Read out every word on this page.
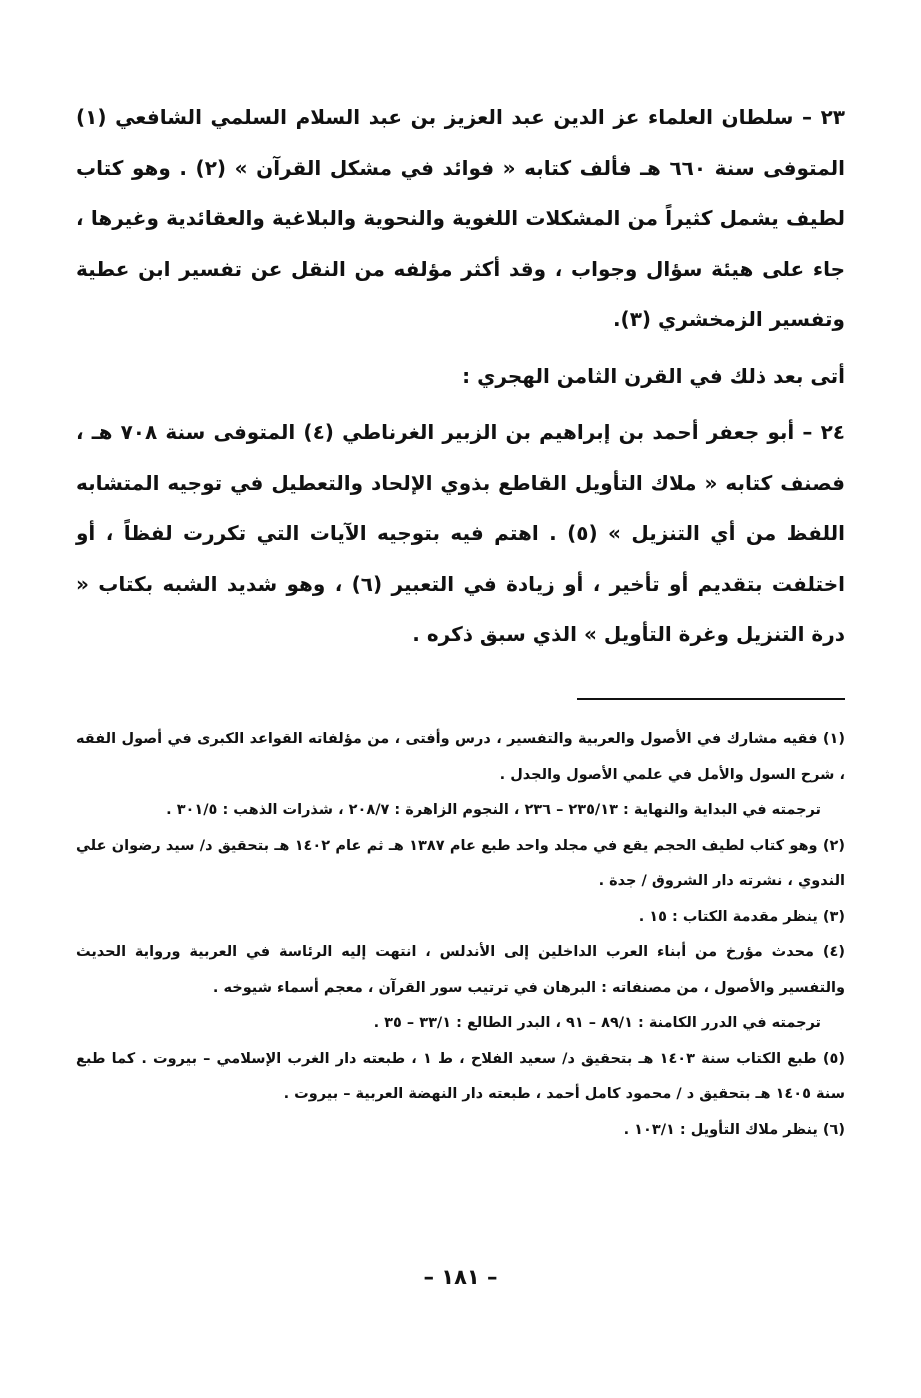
٢٣ – سلطان العلماء عز الدين عبد العزيز بن عبد السلام السلمي الشافعي (١) المتوفى سنة ٦٦٠ هـ فألف كتابه « فوائد في مشكل القرآن » (٢) . وهو كتاب لطيف يشمل كثيراً من المشكلات اللغوية والنحوية والبلاغية والعقائدية وغيرها ، جاء على هيئة سؤال وجواب ، وقد أكثر مؤلفه من النقل عن تفسير ابن عطية وتفسير الزمخشري (٣).

أتى بعد ذلك في القرن الثامن الهجري :

٢٤ – أبو جعفر أحمد بن إبراهيم بن الزبير الغرناطي (٤) المتوفى سنة ٧٠٨ هـ ، فصنف كتابه « ملاك التأويل القاطع بذوي الإلحاد والتعطيل في توجيه المتشابه اللفظ من أي التنزيل » (٥) . اهتم فيه بتوجيه الآيات التي تكررت لفظاً ، أو اختلفت بتقديم أو تأخير ، أو زيادة في التعبير (٦) ، وهو شديد الشبه بكتاب « درة التنزيل وغرة التأويل » الذي سبق ذكره .

(١) فقيه مشارك في الأصول والعربية والتفسير ، درس وأفتى ، من مؤلفاته القواعد الكبرى في أصول الفقه ، شرح السول والأمل في علمي الأصول والجدل .

ترجمته في البداية والنهاية : ٢٣٥/١٣ – ٢٣٦ ، النجوم الزاهرة : ٢٠٨/٧ ، شذرات الذهب : ٣٠١/٥ .

(٢) وهو كتاب لطيف الحجم يقع في مجلد واحد طبع عام ١٣٨٧ هـ ثم عام ١٤٠٢ هـ بتحقيق د/ سيد رضوان علي الندوي ، نشرته دار الشروق / جدة .

(٣) ينظر مقدمة الكتاب : ١٥ .

(٤) محدث مؤرخ من أبناء العرب الداخلين إلى الأندلس ، انتهت إليه الرئاسة في العربية ورواية الحديث والتفسير والأصول ، من مصنفاته : البرهان في ترتيب سور القرآن ، معجم أسماء شيوخه .

ترجمته في الدرر الكامنة : ٨٩/١ – ٩١ ، البدر الطالع : ٣٣/١ – ٣٥ .

(٥) طبع الكتاب سنة ١٤٠٣ هـ بتحقيق د/ سعيد الفلاح ، ط ١ ، طبعته دار الغرب الإسلامي – بيروت . كما طبع سنة ١٤٠٥ هـ بتحقيق د / محمود كامل أحمد ، طبعته دار النهضة العربية – بيروت .

(٦) ينظر ملاك التأويل : ١٠٣/١ .

– ١٨١ –
